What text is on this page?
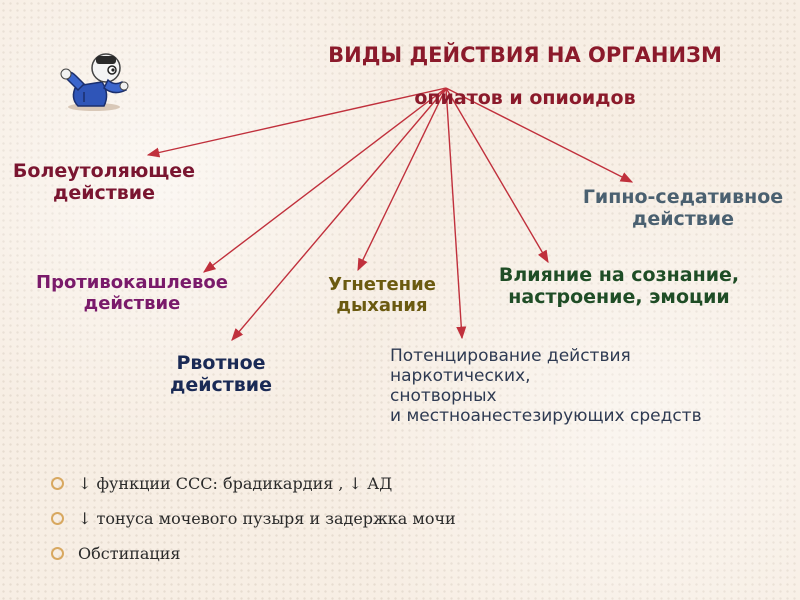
ВИДЫ ДЕЙСТВИЯ НА ОРГАНИЗМ

опиатов и опиоидов

Болеутоляющее
действие	Гипно-седативное
действие
Противокашлевое
действие
Угнетение
дыхания
Влияние на сознание,
настроение, эмоции
Рвотное
действие
Потенцирование действия
наркотических,
снотворных
и местноанестезирующих средств
↓ функции ССС: брадикардия , ↓ АД
↓ тонуса мочевого пузыря и задержка мочи
Обстипация
